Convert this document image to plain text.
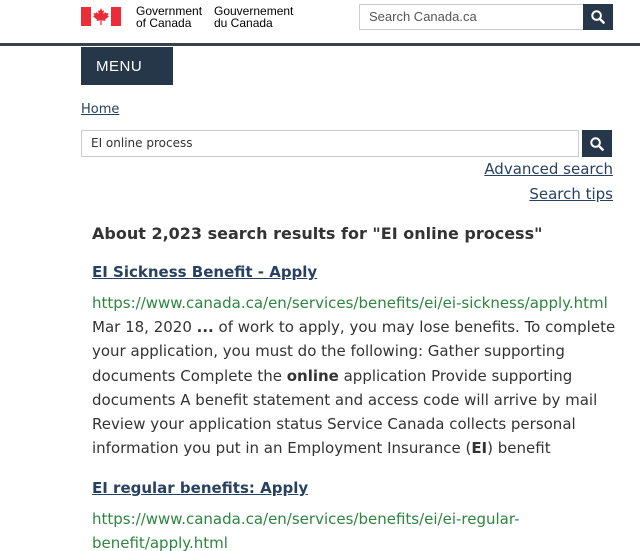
Government
of Canada
Gouvernement
du Canada	Search Canada.ca
MENU
Home
EI online process
Advanced search
Search tips
About 2,023 search results for "EI online process"
EI Sickness Benefit - Apply
https://www.canada.ca/en/services/benefits/ei/ei-sickness/apply.html
Mar 18, 2020 ... of work to apply, you may lose benefits. To complete your application, you must do the following: Gather supporting documents Complete the online application Provide supporting documents A benefit statement and access code will arrive by mail Review your application status Service Canada collects personal information you put in an Employment Insurance (EI) benefit
EI regular benefits: Apply
https://www.canada.ca/en/services/benefits/ei/ei-regular-benefit/apply.html
